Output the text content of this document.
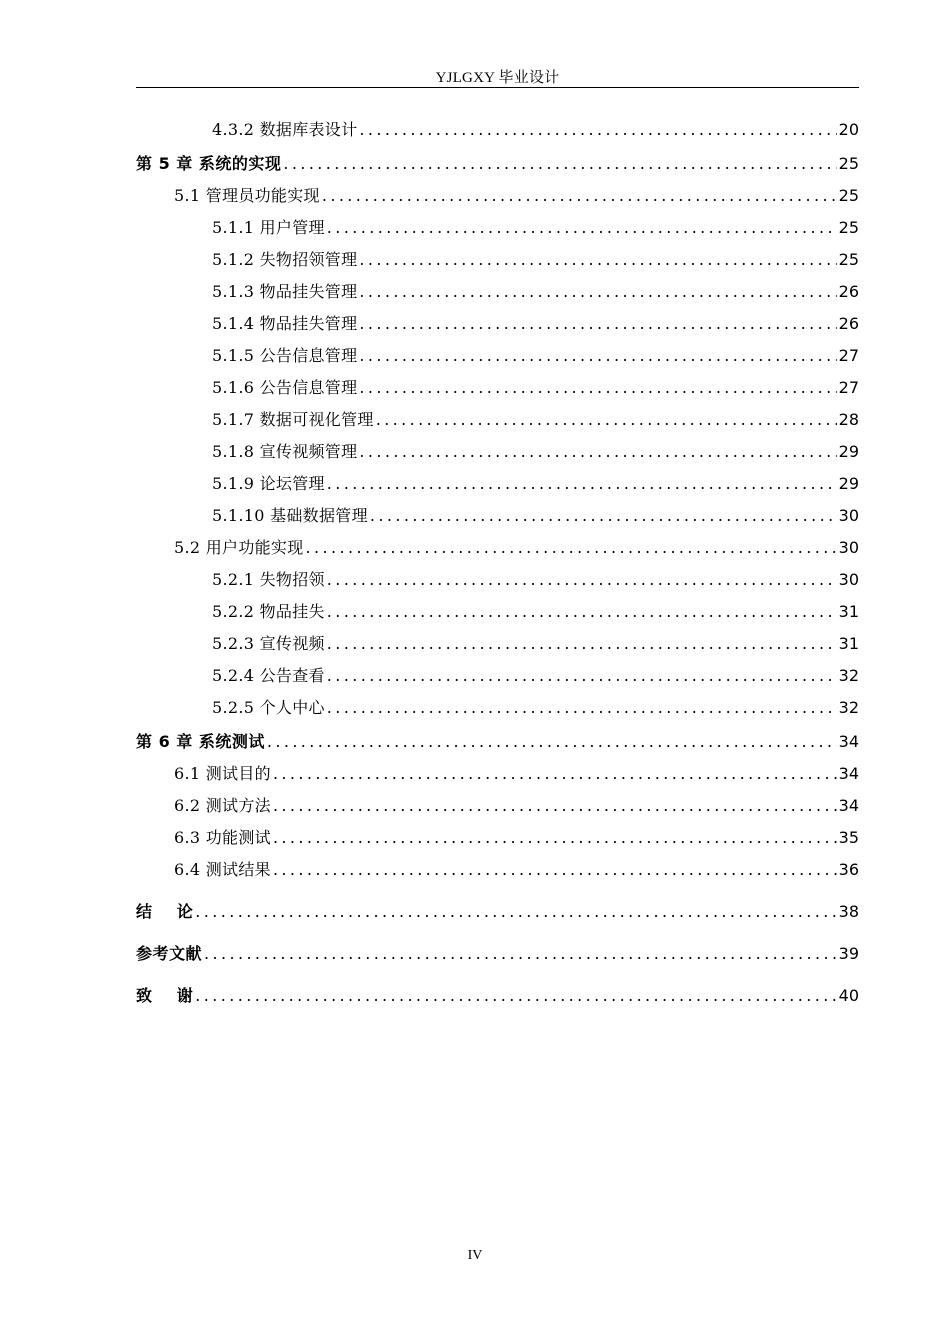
YJLGXY 毕业设计
4.3.2 数据库表设计 .....	20
第 5 章 系统的实现 .....	25
5.1 管理员功能实现 .....	25
5.1.1 用户管理 .....	25
5.1.2 失物招领管理 .....	25
5.1.3 物品挂失管理 .....	26
5.1.4 物品挂失管理 .....	26
5.1.5 公告信息管理 .....	27
5.1.6 公告信息管理 .....	27
5.1.7 数据可视化管理 .....	28
5.1.8 宣传视频管理 .....	29
5.1.9 论坛管理 .....	29
5.1.10 基础数据管理 .....	30
5.2 用户功能实现 .....	30
5.2.1 失物招领 .....	30
5.2.2 物品挂失 .....	31
5.2.3 宣传视频 .....	31
5.2.4 公告查看 .....	32
5.2.5 个人中心 .....	32
第 6 章 系统测试 .....	34
6.1 测试目的 .....	34
6.2 测试方法 .....	34
6.3 功能测试 .....	35
6.4 测试结果 .....	36
结    论 .....	38
参考文献 .....	39
致    谢 .....	40
IV
